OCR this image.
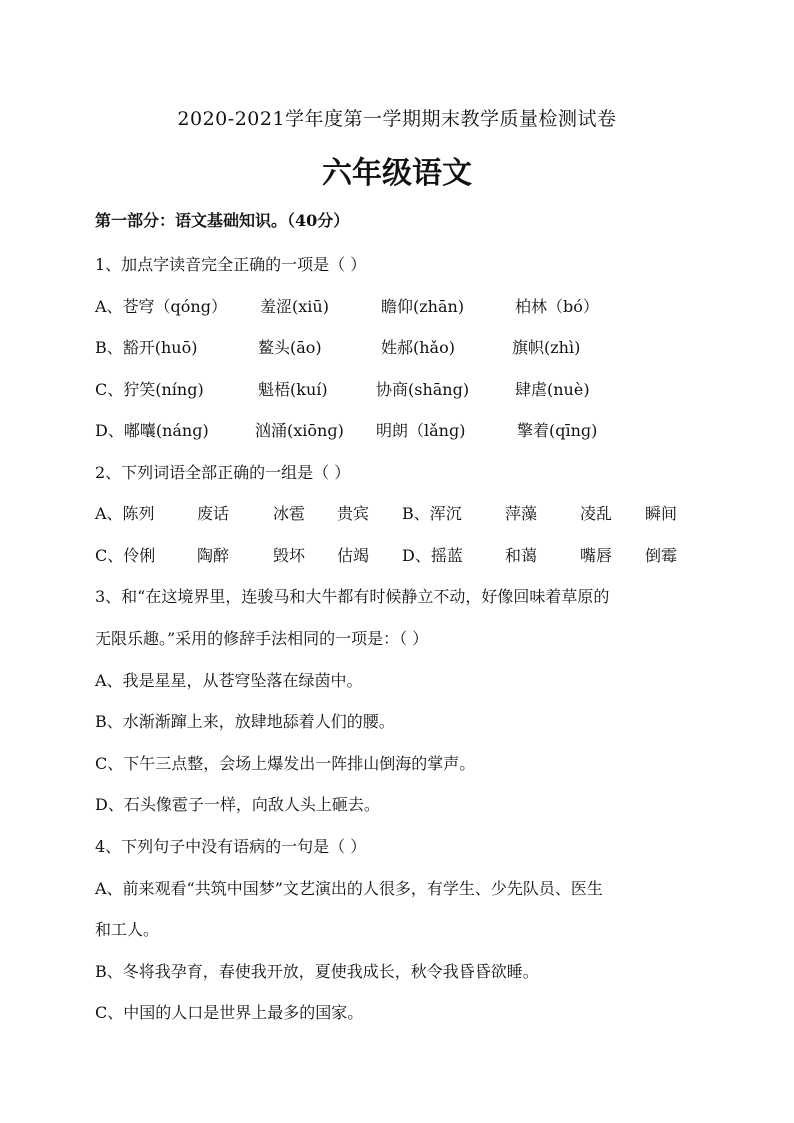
2020-2021学年度第一学期期末教学质量检测试卷
六年级语文
第一部分：语文基础知识。（40分）
1、加点字读音完全正确的一项是（ ）
A、苍穹（qóng） 羞涩(xiū)	瞻仰(zhān)	柏林（bó）
B、豁开(huō)	鳌头(āo)	姓郝(hǎo)	旗帜(zhì)
C、狞笑(níng)	魁梧(kuí)	协商(shāng)	肆虐(nuè)
D、嘟囔(nánɡ)	汹涌(xiōnɡ) 明朗（lǎnɡ)	擎着(qīnɡ)
2、下列词语全部正确的一组是（ ）
A、陈列	废话	冰雹 贵宾 B、浑沉	萍藻	凌乱 瞬间
C、伶俐	陶醉	毁坏 估竭 D、摇蓝	和蔼	嘴唇 倒霉
3、和“在这境界里，连骏马和大牛都有时候静立不动，好像回味着草原的
无限乐趣。”采用的修辞手法相同的一项是：（ ）
A、我是星星，从苍穹坠落在绿茵中。
B、水渐渐蹿上来，放肆地舔着人们的腰。
C、下午三点整，会场上爆发出一阵排山倒海的掌声。
D、石头像雹子一样，向敌人头上砸去。
4、下列句子中没有语病的一句是（ ）
A、前来观看“共筑中国梦”文艺演出的人很多，有学生、少先队员、医生
和工人。
B、冬将我孕育，春使我开放，夏使我成长，秋令我昏昏欲睡。
C、中国的人口是世界上最多的国家。
